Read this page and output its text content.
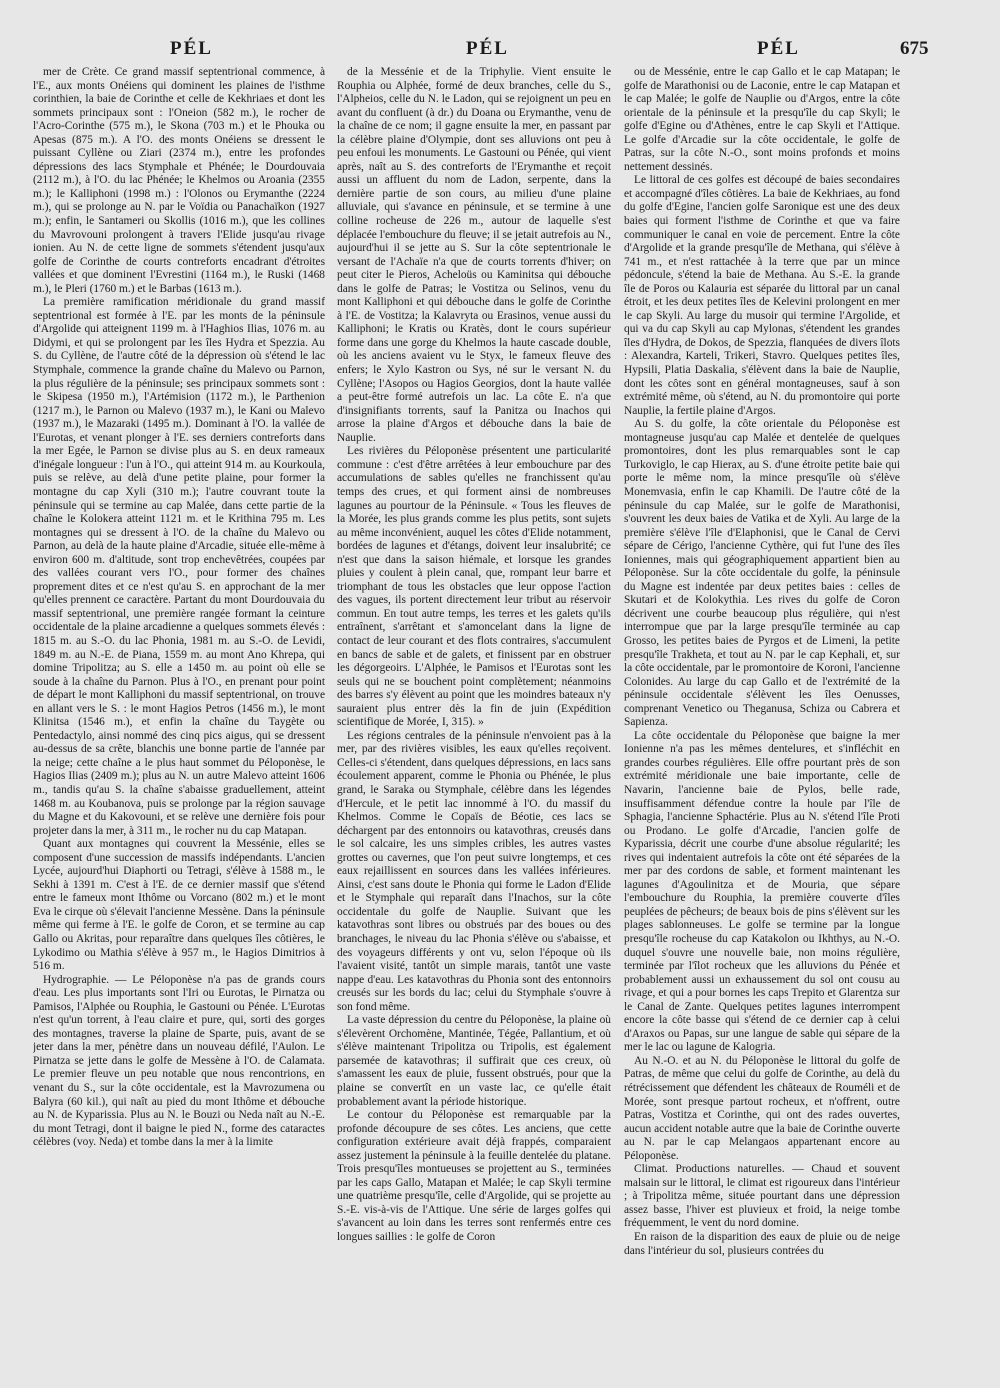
PÉL	PÉL	PÉL	675

mer de Crète. Ce grand massif septentrional commence, à l'E., aux monts Onéiens qui dominent les plaines de l'isthme corinthien, la baie de Corinthe et celle de Kekhriaes et dont les sommets principaux sont : l'Oneion (582 m.), le rocher de l'Acro-Corinthe (575 m.), le Skona (703 m.) et le Phouka ou Apesas (875 m.). A l'O. des monts Onéiens se dressent le puissant Cyllène ou Ziari (2374 m.), entre les profondes dépressions des lacs Stymphale et Phénée; le Dourdouvaia (2112 m.), à l'O. du lac Phénée; le Khelmos ou Aroania (2355 m.); le Kalliphoni (1998 m.) : l'Olonos ou Erymanthe (2224 m.), qui se prolonge au N. par le Voïdia ou Panachaïkon (1927 m.); enfin, le Santameri ou Skollis (1016 m.), que les collines du Mavrovouni prolongent à travers l'Elide jusqu'au rivage ionien. Au N. de cette ligne de sommets s'étendent jusqu'aux golfe de Corinthe de courts contreforts encadrant d'étroites vallées et que dominent l'Evrestini (1164 m.), le Ruski (1468 m.), le Pleri (1760 m.) et le Barbas (1613 m.).

La première ramification méridionale du grand massif septentrional est formée à l'E. par les monts de la péninsule d'Argolide qui atteignent 1199 m. à l'Haghios Ilias, 1076 m. au Didymi, et qui se prolongent par les îles Hydra et Spezzia. Au S. du Cyllène, de l'autre côté de la dépression où s'étend le lac Stymphale, commence la grande chaîne du Malevo ou Parnon, la plus régulière de la péninsule; ses principaux sommets sont : le Skipesa (1950 m.), l'Artémision (1172 m.), le Parthenion (1217 m.), le Parnon ou Malevo (1937 m.), le Kani ou Malevo (1937 m.), le Mazaraki (1495 m.). Dominant à l'O. la vallée de l'Eurotas, et venant plonger à l'E. ses derniers contreforts dans la mer Egée, le Parnon se divise plus au S. en deux rameaux d'inégale longueur : l'un à l'O., qui atteint 914 m. au Kourkoula, puis se relève, au delà d'une petite plaine, pour former la montagne du cap Xyli (310 m.); l'autre couvrant toute la péninsule qui se termine au cap Malée, dans cette partie de la chaîne le Kolokera atteint 1121 m. et le Krithina 795 m. Les montagnes qui se dressent à l'O. de la chaîne du Malevo ou Parnon, au delà de la haute plaine d'Arcadie, située elle-même à environ 600 m. d'altitude, sont trop enchevêtrées, coupées par des vallées courant vers l'O., pour former des chaînes proprement dites et ce n'est qu'au S. en approchant de la mer qu'elles prennent ce caractère. Partant du mont Dourdouvaia du massif septentrional, une première rangée formant la ceinture occidentale de la plaine arcadienne a quelques sommets élevés : 1815 m. au S.-O. du lac Phonia, 1981 m. au S.-O. de Levidi, 1849 m. au N.-E. de Piana, 1559 m. au mont Ano Khrepa, qui domine Tripolitza; au S. elle a 1450 m. au point où elle se soude à la chaîne du Parnon. Plus à l'O., en prenant pour point de départ le mont Kalliphoni du massif septentrional, on trouve en allant vers le S. : le mont Hagios Petros (1456 m.), le mont Klinitsa (1546 m.), et enfin la chaîne du Taygète ou Pentedactylo, ainsi nommé des cinq pics aigus, qui se dressent au-dessus de sa crête, blanchis une bonne partie de l'année par la neige; cette chaîne a le plus haut sommet du Péloponèse, le Hagios Ilias (2409 m.); plus au N. un autre Malevo atteint 1606 m., tandis qu'au S. la chaîne s'abaisse graduellement, atteint 1468 m. au Koubanova, puis se prolonge par la région sauvage du Magne et du Kakovouni, et se relève une dernière fois pour projeter dans la mer, à 311 m., le rocher nu du cap Matapan.

Quant aux montagnes qui couvrent la Messénie, elles se composent d'une succession de massifs indépendants. L'ancien Lycée, aujourd'hui Diaphorti ou Tetragi, s'élève à 1588 m., le Sekhi à 1391 m. C'est à l'E. de ce dernier massif que s'étend entre le fameux mont Ithôme ou Vorcano (802 m.) et le mont Eva le cirque où s'élevait l'ancienne Messène. Dans la péninsule même qui ferme à l'E. le golfe de Coron, et se termine au cap Gallo ou Akritas, pour reparaître dans quelques îles côtières, le Lykodimo ou Mathia s'élève à 957 m., le Hagios Dimitrios à 516 m.

Hydrographie. — Le Péloponèse n'a pas de grands cours d'eau. Les plus importants sont l'Iri ou Eurotas, le Pirnatza ou Pamisos, l'Alphée ou Rouphia, le Gastouni ou Pénée. L'Eurotas n'est qu'un torrent, à l'eau claire et pure, qui, sorti des gorges des montagnes, traverse la plaine de Sparte, puis, avant de se jeter dans la mer, pénètre dans un nouveau défilé, l'Aulon. Le Pirnatza se jette dans le golfe de Messène à l'O. de Calamata. Le premier fleuve un peu notable que nous rencontrions, en venant du S., sur la côte occidentale, est la Mavrozumena ou Balyra (60 kil.), qui naît au pied du mont Ithôme et débouche au N. de Kyparissia. Plus au N. le Bouzi ou Neda naît au N.-E. du mont Tetragi, dont il baigne le pied N., forme des cataractes célèbres (voy. Neda) et tombe dans la mer à la limite

de la Messénie et de la Triphylie. Vient ensuite le Rouphia ou Alphée, formé de deux branches, celle du S., l'Alpheios, celle du N. le Ladon, qui se rejoignent un peu en avant du confluent (à dr.) du Doana ou Erymanthe, venu de la chaîne de ce nom; il gagne ensuite la mer, en passant par la célèbre plaine d'Olympie, dont ses alluvions ont peu à peu enfoui les monuments. Le Gastouni ou Pénée, qui vient après, naît au S. des contreforts de l'Erymanthe et reçoit aussi un affluent du nom de Ladon, serpente, dans la dernière partie de son cours, au milieu d'une plaine alluviale, qui s'avance en péninsule, et se termine à une colline rocheuse de 226 m., autour de laquelle s'est déplacée l'embouchure du fleuve; il se jetait autrefois au N., aujourd'hui il se jette au S. Sur la côte septentrionale le versant de l'Achaïe n'a que de courts torrents d'hiver; on peut citer le Pieros, Acheloüs ou Kaminitsa qui débouche dans le golfe de Patras; le Vostitza ou Selinos, venu du mont Kalliphoni et qui débouche dans le golfe de Corinthe à l'E. de Vostitza; la Kalavryta ou Erasinos, venue aussi du Kalliphoni; le Kratis ou Kratès, dont le cours supérieur forme dans une gorge du Khelmos la haute cascade double, où les anciens avaient vu le Styx, le fameux fleuve des enfers; le Xylo Kastron ou Sys, né sur le versant N. du Cyllène; l'Asopos ou Hagios Georgios, dont la haute vallée a peut-être formé autrefois un lac. La côte E. n'a que d'insignifiants torrents, sauf la Panitza ou Inachos qui arrose la plaine d'Argos et débouche dans la baie de Nauplie.

Les rivières du Péloponèse présentent une particularité commune : c'est d'être arrêtées à leur embouchure par des accumulations de sables qu'elles ne franchissent qu'au temps des crues, et qui forment ainsi de nombreuses lagunes au pourtour de la Péninsule. « Tous les fleuves de la Morée, les plus grands comme les plus petits, sont sujets au même inconvénient, auquel les côtes d'Elide notamment, bordées de lagunes et d'étangs, doivent leur insalubrité; ce n'est que dans la saison hiémale, et lorsque les grandes pluies y coulent à plein canal, que, rompant leur barre et triomphant de tous les obstacles que leur oppose l'action des vagues, ils portent directement leur tribut au réservoir commun. En tout autre temps, les terres et les galets qu'ils entraînent, s'arrêtant et s'amoncelant dans la ligne de contact de leur courant et des flots contraires, s'accumulent en bancs de sable et de galets, et finissent par en obstruer les dégorgeoirs. L'Alphée, le Pamisos et l'Eurotas sont les seuls qui ne se bouchent point complètement; néanmoins des barres s'y élèvent au point que les moindres bateaux n'y sauraient plus entrer dès la fin de juin (Expédition scientifique de Morée, I, 315). »

Les régions centrales de la péninsule n'envoient pas à la mer, par des rivières visibles, les eaux qu'elles reçoivent. Celles-ci s'étendent, dans quelques dépressions, en lacs sans écoulement apparent, comme le Phonia ou Phénée, le plus grand, le Saraka ou Stymphale, célèbre dans les légendes d'Hercule, et le petit lac innommé à l'O. du massif du Khelmos. Comme le Copaïs de Béotie, ces lacs se déchargent par des entonnoirs ou katavothras, creusés dans le sol calcaire, les uns simples cribles, les autres vastes grottes ou cavernes, que l'on peut suivre longtemps, et ces eaux rejaillissent en sources dans les vallées inférieures. Ainsi, c'est sans doute le Phonia qui forme le Ladon d'Elide et le Stymphale qui reparaît dans l'Inachos, sur la côte occidentale du golfe de Nauplie. Suivant que les katavothras sont libres ou obstrués par des boues ou des branchages, le niveau du lac Phonia s'élève ou s'abaisse, et des voyageurs différents y ont vu, selon l'époque où ils l'avaient visité, tantôt un simple marais, tantôt une vaste nappe d'eau. Les katavothras du Phonia sont des entonnoirs creusés sur les bords du lac; celui du Stymphale s'ouvre à son fond même.

La vaste dépression du centre du Péloponèse, la plaine où s'élevèrent Orchomène, Mantinée, Tégée, Pallantium, et où s'élève maintenant Tripolitza ou Tripolis, est également parsemée de katavothras; il suffirait que ces creux, où s'amassent les eaux de pluie, fussent obstrués, pour que la plaine se convertît en un vaste lac, ce qu'elle était probablement avant la période historique.

Le contour du Péloponèse est remarquable par la profonde découpure de ses côtes. Les anciens, que cette configuration extérieure avait déjà frappés, comparaient assez justement la péninsule à la feuille dentelée du platane. Trois presqu'îles montueuses se projettent au S., terminées par les caps Gallo, Matapan et Malée; le cap Skyli termine une quatrième presqu'île, celle d'Argolide, qui se projette au S.-E. vis-à-vis de l'Attique. Une série de larges golfes qui s'avancent au loin dans les terres sont renfermés entre ces longues saillies : le golfe de Coron

ou de Messénie, entre le cap Gallo et le cap Matapan; le golfe de Marathonisi ou de Laconie, entre le cap Matapan et le cap Malée; le golfe de Nauplie ou d'Argos, entre la côte orientale de la péninsule et la presqu'île du cap Skyli; le golfe d'Egine ou d'Athènes, entre le cap Skyli et l'Attique. Le golfe d'Arcadie sur la côte occidentale, le golfe de Patras, sur la côte N.-O., sont moins profonds et moins nettement dessinés.

Le littoral de ces golfes est découpé de baies secondaires et accompagné d'îles côtières. La baie de Kekhriaes, au fond du golfe d'Egine, l'ancien golfe Saronique est une des deux baies qui forment l'isthme de Corinthe et que va faire communiquer le canal en voie de percement. Entre la côte d'Argolide et la grande presqu'île de Methana, qui s'élève à 741 m., et n'est rattachée à la terre que par un mince pédoncule, s'étend la baie de Methana. Au S.-E. la grande île de Poros ou Kalauria est séparée du littoral par un canal étroit, et les deux petites îles de Kelevini prolongent en mer le cap Skyli. Au large du musoir qui termine l'Argolide, et qui va du cap Skyli au cap Mylonas, s'étendent les grandes îles d'Hydra, de Dokos, de Spezzia, flanquées de divers îlots : Alexandra, Karteli, Trikeri, Stavro. Quelques petites îles, Hypsili, Platia Daskalia, s'élèvent dans la baie de Nauplie, dont les côtes sont en général montagneuses, sauf à son extrémité même, où s'étend, au N. du promontoire qui porte Nauplie, la fertile plaine d'Argos.

Au S. du golfe, la côte orientale du Péloponèse est montagneuse jusqu'au cap Malée et dentelée de quelques promontoires, dont les plus remarquables sont le cap Turkoviglo, le cap Hierax, au S. d'une étroite petite baie qui porte le même nom, la mince presqu'île où s'élève Monemvasia, enfin le cap Khamili. De l'autre côté de la péninsule du cap Malée, sur le golfe de Marathonisi, s'ouvrent les deux baies de Vatika et de Xyli. Au large de la première s'élève l'île d'Elaphonisi, que le Canal de Cervi sépare de Cérigo, l'ancienne Cythère, qui fut l'une des îles Ioniennes, mais qui géographiquement appartient bien au Péloponèse. Sur la côte occidentale du golfe, la péninsule du Magne est indentée par deux petites baies : celles de Skutari et de Kolokythia. Les rives du golfe de Coron décrivent une courbe beaucoup plus régulière, qui n'est interrompue que par la large presqu'île terminée au cap Grosso, les petites baies de Pyrgos et de Limeni, la petite presqu'île Trakheta, et tout au N. par le cap Kephali, et, sur la côte occidentale, par le promontoire de Koroni, l'ancienne Colonides. Au large du cap Gallo et de l'extrémité de la péninsule occidentale s'élèvent les îles Oenusses, comprenant Venetico ou Theganusa, Schiza ou Cabrera et Sapienza.

La côte occidentale du Péloponèse que baigne la mer Ionienne n'a pas les mêmes dentelures, et s'infléchit en grandes courbes régulières. Elle offre pourtant près de son extrémité méridionale une baie importante, celle de Navarin, l'ancienne baie de Pylos, belle rade, insuffisamment défendue contre la houle par l'île de Sphagia, l'ancienne Sphactérie. Plus au N. s'étend l'île Proti ou Prodano. Le golfe d'Arcadie, l'ancien golfe de Kyparissia, décrit une courbe d'une absolue régularité; les rives qui indentaient autrefois la côte ont été séparées de la mer par des cordons de sable, et forment maintenant les lagunes d'Agoulinitza et de Mouria, que sépare l'embouchure du Rouphia, la première couverte d'îles peuplées de pêcheurs; de beaux bois de pins s'élèvent sur les plages sablonneuses. Le golfe se termine par la longue presqu'île rocheuse du cap Katakolon ou Ikhthys, au N.-O. duquel s'ouvre une nouvelle baie, non moins régulière, terminée par l'îlot rocheux que les alluvions du Pénée et probablement aussi un exhaussement du sol ont cousu au rivage, et qui a pour bornes les caps Trepito et Glarentza sur le Canal de Zante. Quelques petites lagunes interrompent encore la côte basse qui s'étend de ce dernier cap à celui d'Araxos ou Papas, sur une langue de sable qui sépare de la mer le lac ou lagune de Kalogria.

Au N.-O. et au N. du Péloponèse le littoral du golfe de Patras, de même que celui du golfe de Corinthe, au delà du rétrécissement que défendent les châteaux de Rouméli et de Morée, sont presque partout rocheux, et n'offrent, outre Patras, Vostitza et Corinthe, qui ont des rades ouvertes, aucun accident notable autre que la baie de Corinthe ouverte au N. par le cap Melangaos appartenant encore au Péloponèse.

Climat. Productions naturelles. — Chaud et souvent malsain sur le littoral, le climat est rigoureux dans l'intérieur ; à Tripolitza même, située pourtant dans une dépression assez basse, l'hiver est pluvieux et froid, la neige tombe fréquemment, le vent du nord domine.

En raison de la disparition des eaux de pluie ou de neige dans l'intérieur du sol, plusieurs contrées du
